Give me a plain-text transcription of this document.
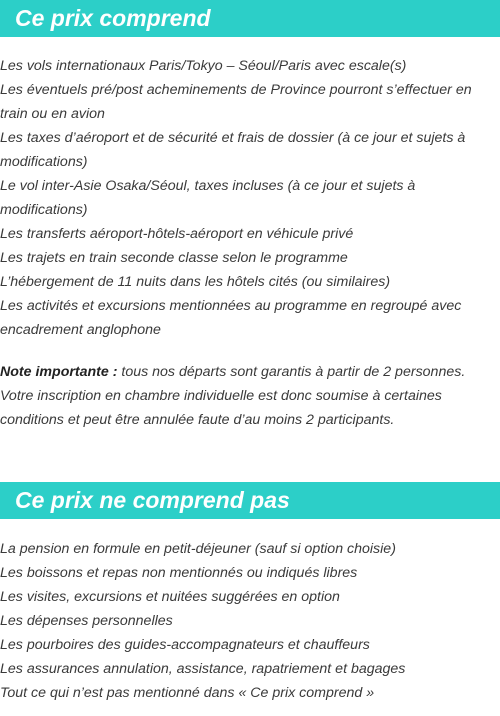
Ce prix comprend
Les vols internationaux Paris/Tokyo – Séoul/Paris avec escale(s)
Les éventuels pré/post acheminements de Province pourront s’effectuer en train ou en avion
Les taxes d’aéroport et de sécurité et frais de dossier (à ce jour et sujets à modifications)
Le vol inter-Asie Osaka/Séoul, taxes incluses (à ce jour et sujets à modifications)
Les transferts aéroport-hôtels-aéroport en véhicule privé
Les trajets en train seconde classe selon le programme
L’hébergement de 11 nuits dans les hôtels cités (ou similaires)
Les activités et excursions mentionnées au programme en regroupé avec encadrement anglophone

Note importante : tous nos départs sont garantis à partir de 2 personnes. Votre inscription en chambre individuelle est donc soumise à certaines conditions et peut être annulée faute d’au moins 2 participants.

Ce prix ne comprend pas
La pension en formule en petit-déjeuner (sauf si option choisie)
Les boissons et repas non mentionnés ou indiqués libres
Les visites, excursions et nuitées suggérées en option
Les dépenses personnelles
Les pourboires des guides-accompagnateurs et chauffeurs
Les assurances annulation, assistance, rapatriement et bagages
Tout ce qui n’est pas mentionné dans « Ce prix comprend »
